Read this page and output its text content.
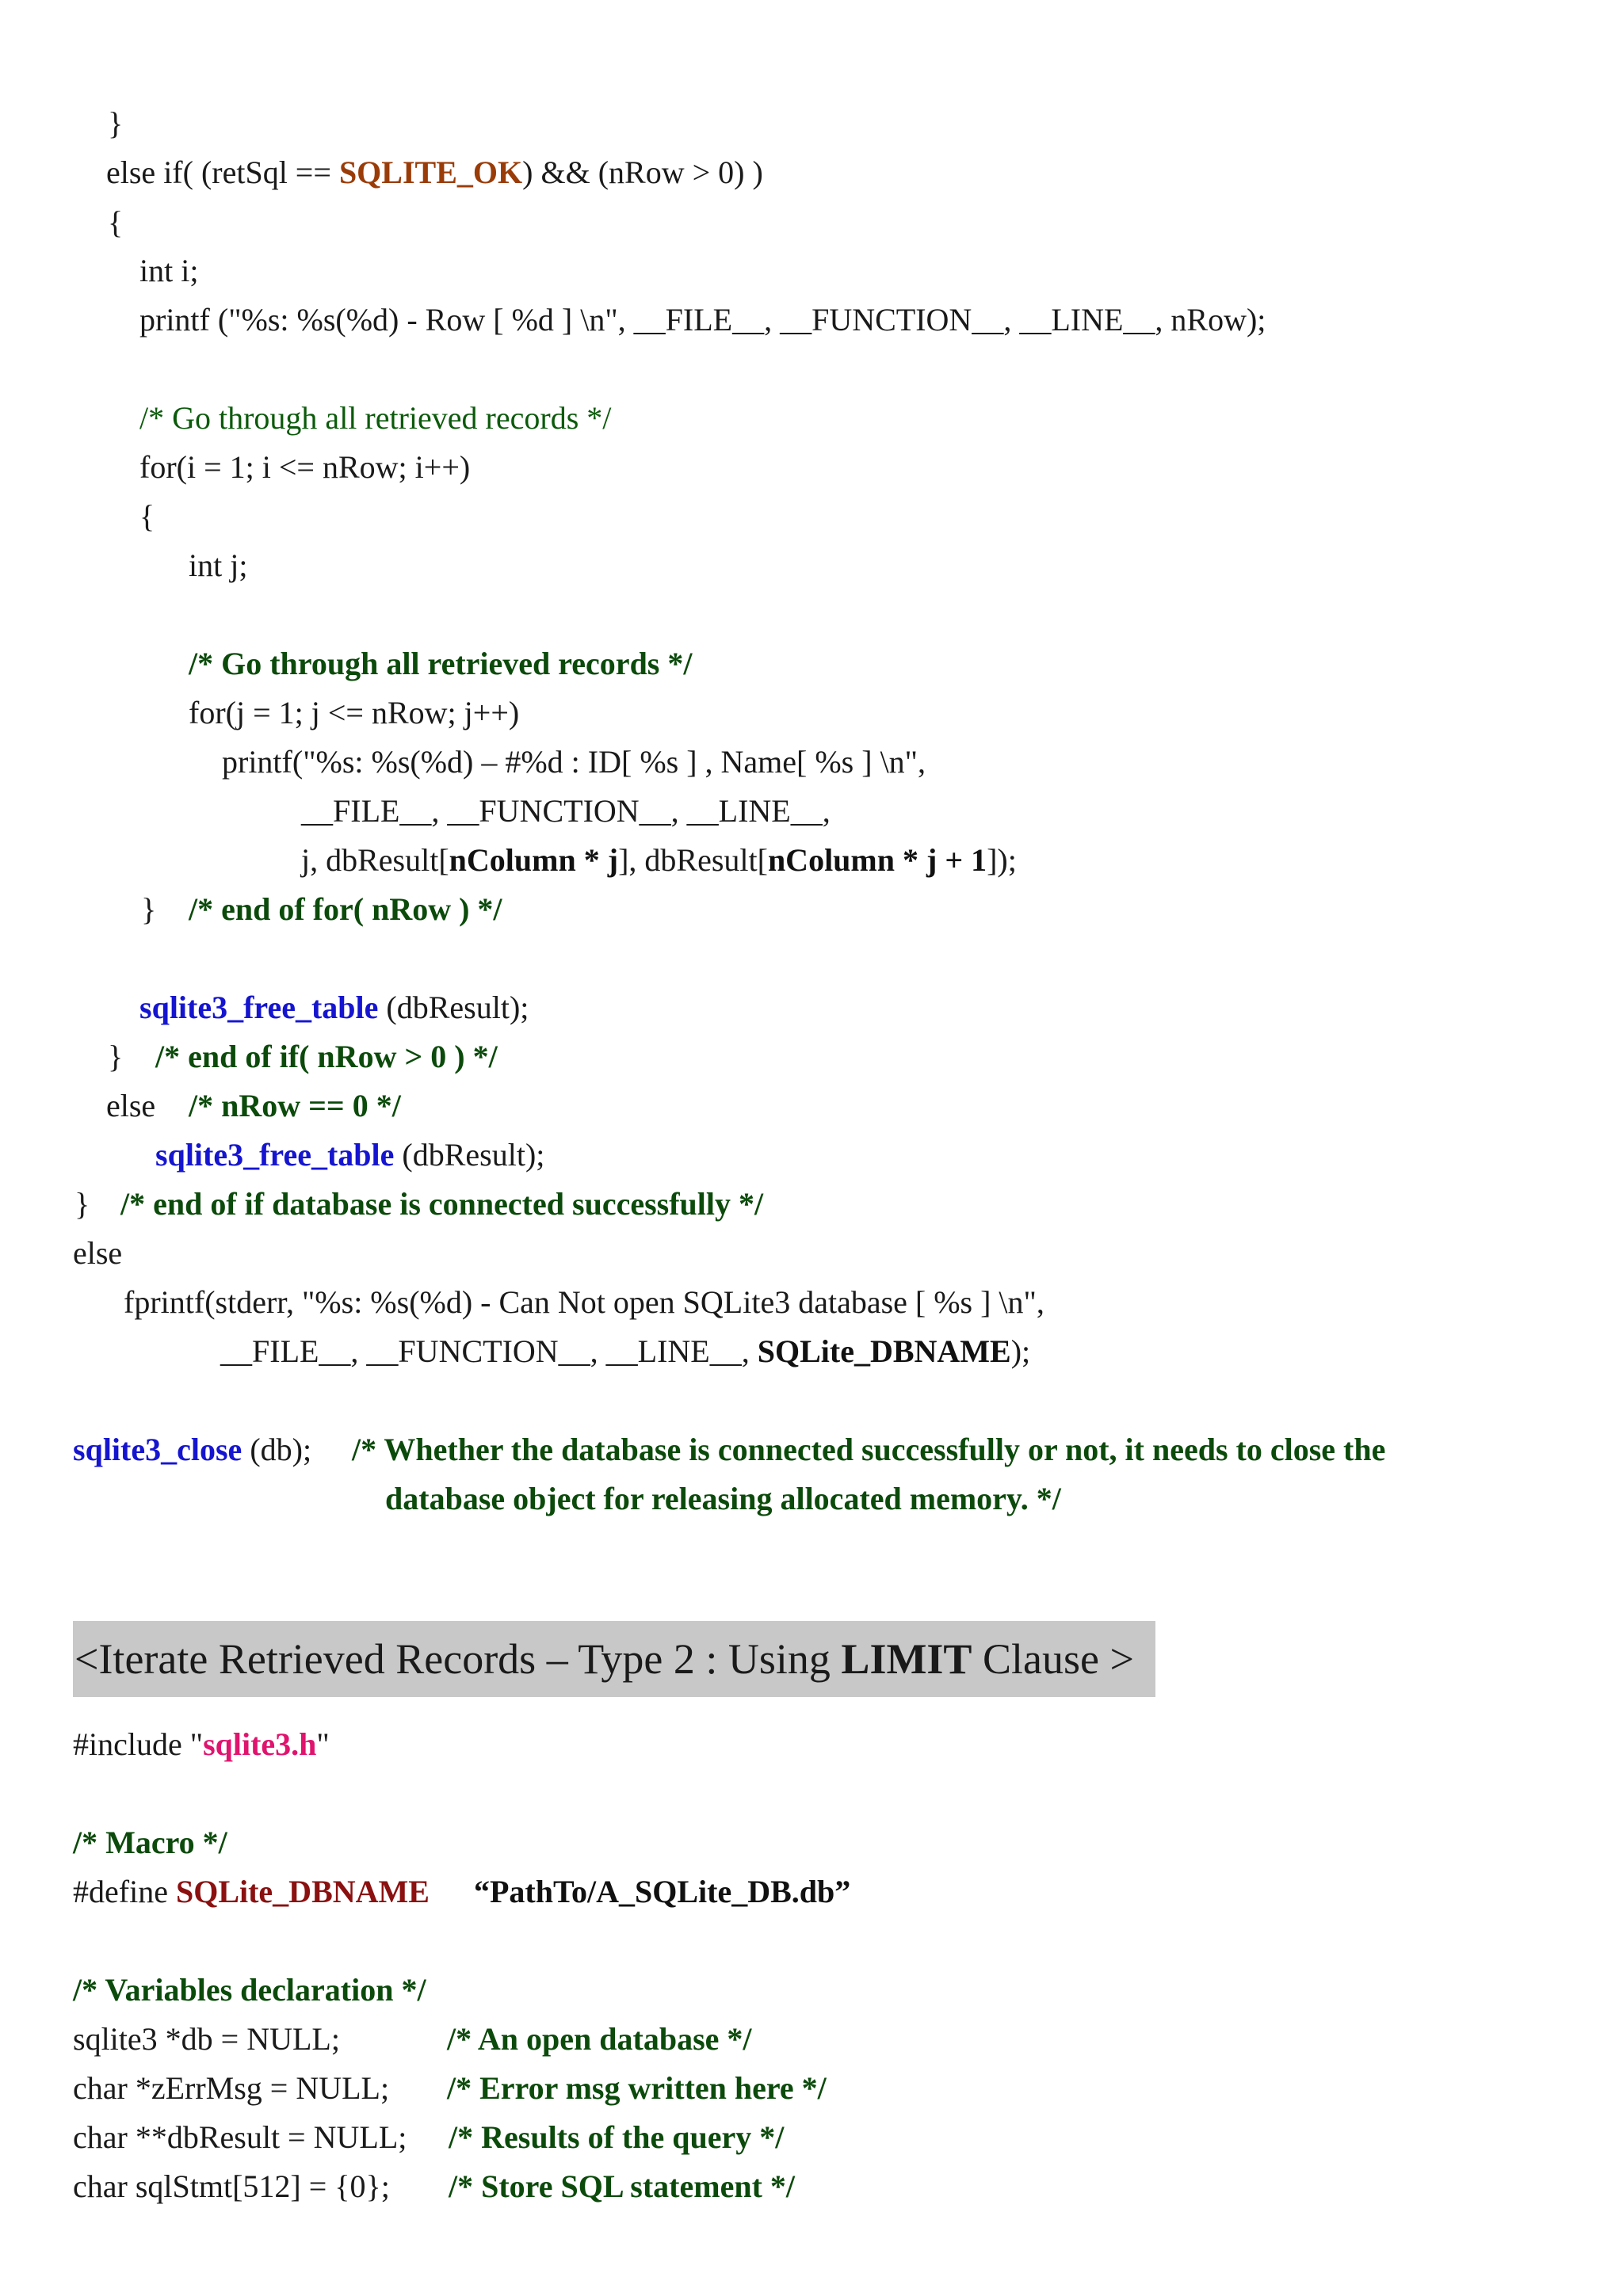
}
else if( (retSql == SQLITE_OK) && (nRow > 0) )
{
int i;
printf ("%s: %s(%d) - Row [ %d ] \n", __FILE__, __FUNCTION__, __LINE__, nRow);
/* Go through all retrieved records */
for(i = 1; i <= nRow; i++)
{
int j;
/* Go through all retrieved records */
for(j = 1; j <= nRow; j++)
printf("%s: %s(%d) – #%d : ID[ %s ] , Name[ %s ] \n",
__FILE__, __FUNCTION__, __LINE__,
j, dbResult[nColumn * j], dbResult[nColumn * j + 1]);
} /* end of for( nRow ) */
sqlite3_free_table (dbResult);
} /* end of if( nRow > 0 ) */
else /* nRow == 0 */
sqlite3_free_table (dbResult);
} /* end of if database is connected successfully */
else
fprintf(stderr, "%s: %s(%d) - Can Not open SQLite3 database [ %s ] \n",
__FILE__, __FUNCTION__, __LINE__, SQLite_DBNAME);
sqlite3_close (db); /* Whether the database is connected successfully or not, it needs to close the
database object for releasing allocated memory. */
<Iterate Retrieved Records – Type 2 : Using LIMIT Clause >
#include "sqlite3.h"
/* Macro */
#define SQLite_DBNAME “PathTo/A_SQLite_DB.db”
/* Variables declaration */
sqlite3 *db = NULL;	/* An open database */
char *zErrMsg = NULL; /* Error msg written here */
char **dbResult = NULL; /* Results of the query */
char sqlStmt[512] = {0}; /* Store SQL statement */
